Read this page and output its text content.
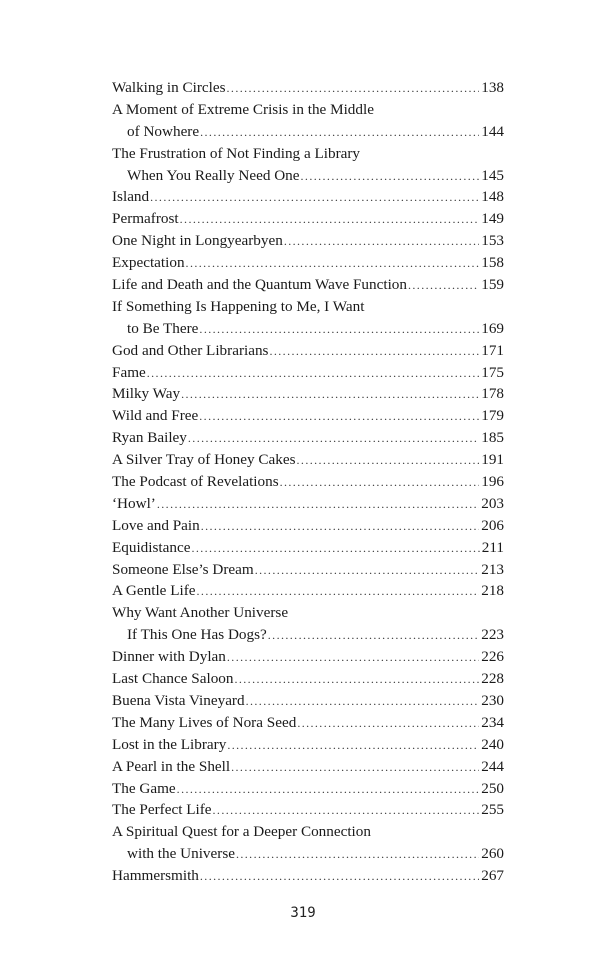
Walking in Circles .....	138
A Moment of Extreme Crisis in the Middle
of Nowhere .....	144
The Frustration of Not Finding a Library
When You Really Need One .....	145
Island .....	148
Permafrost .....	149
One Night in Longyearbyen .....	153
Expectation .....	158
Life and Death and the Quantum Wave Function .....	159
If Something Is Happening to Me, I Want
to Be There .....	169
God and Other Librarians .....	171
Fame .....	175
Milky Way .....	178
Wild and Free .....	179
Ryan Bailey .....	185
A Silver Tray of Honey Cakes .....	191
The Podcast of Revelations .....	196
‘Howl’ .....	203
Love and Pain .....	206
Equidistance .....	211
Someone Else’s Dream .....	213
A Gentle Life .....	218
Why Want Another Universe
If This One Has Dogs? .....	223
Dinner with Dylan .....	226
Last Chance Saloon .....	228
Buena Vista Vineyard .....	230
The Many Lives of Nora Seed .....	234
Lost in the Library .....	240
A Pearl in the Shell .....	244
The Game .....	250
The Perfect Life .....	255
A Spiritual Quest for a Deeper Connection
with the Universe .....	260
Hammersmith .....	267
319
